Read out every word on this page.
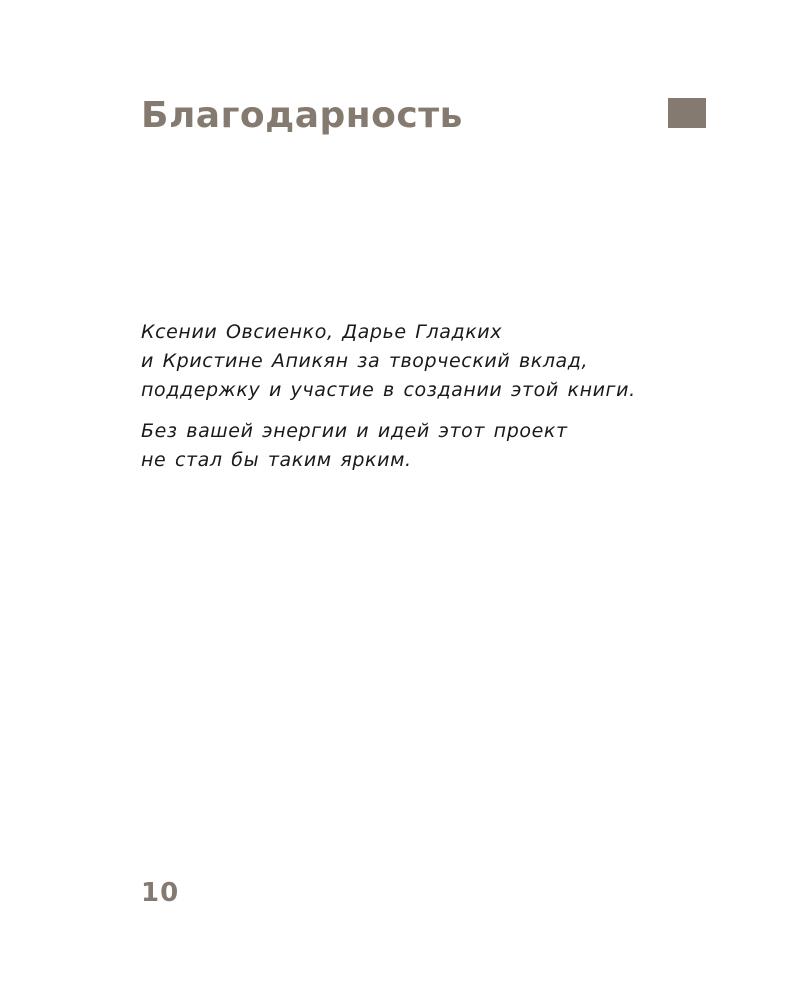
Благодарность

Ксении Овсиенко, Дарье Гладких
и Кристине Апикян за творческий вклад,
поддержку и участие в создании этой книги.

Без вашей энергии и идей этот проект
не стал бы таким ярким.

10
